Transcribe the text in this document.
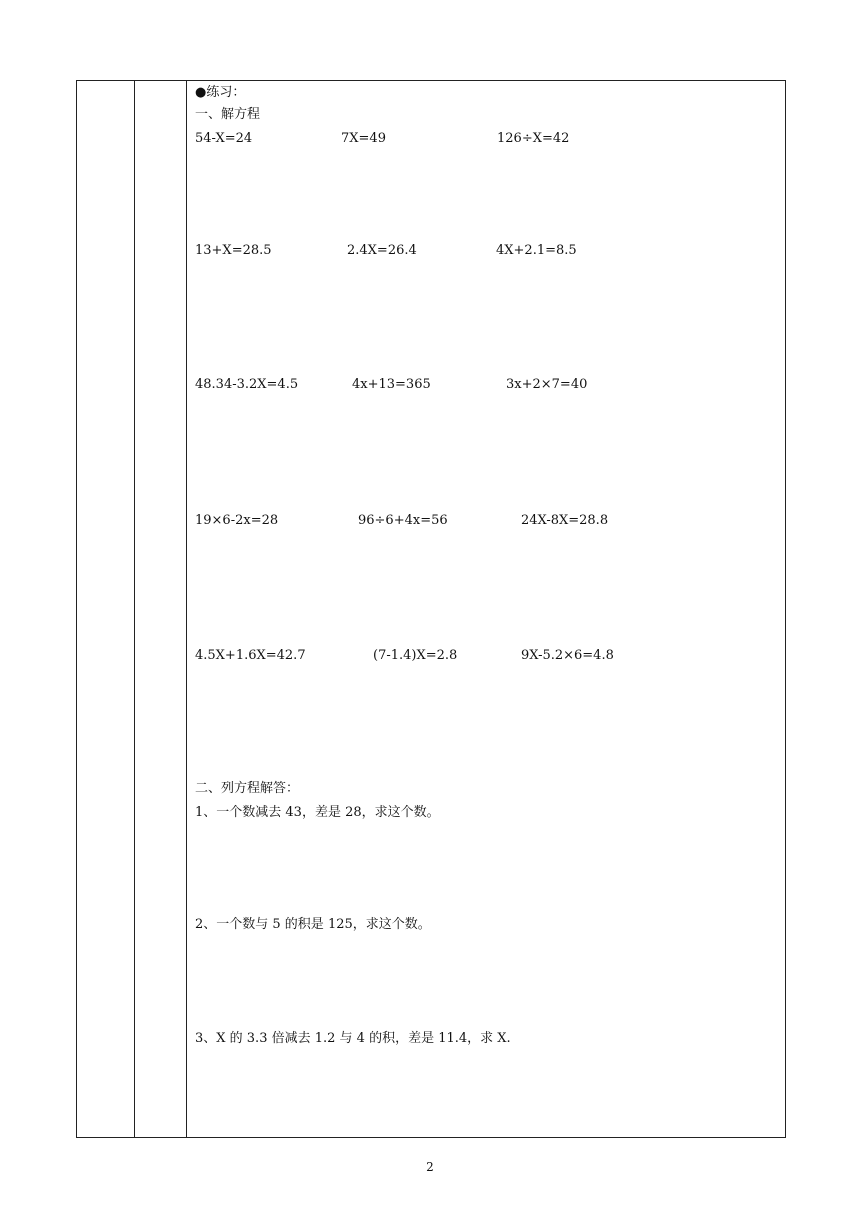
●练习：
一、解方程
54-X=24	7X=49	126÷X=42
13+X=28.5	2.4X=26.4	4X+2.1=8.5
48.34-3.2X=4.5	4x+13=365	3x+2×7=40
19×6-2x=28	96÷6+4x=56	24X-8X=28.8
4.5X+1.6X=42.7	(7-1.4)X=2.8	9X-5.2×6=4.8
二、列方程解答：
1、一个数减去 43，差是 28，求这个数。
2、一个数与 5 的积是 125，求这个数。
3、X 的 3.3 倍减去 1.2 与 4 的积，差是 11.4，求 X.
2
